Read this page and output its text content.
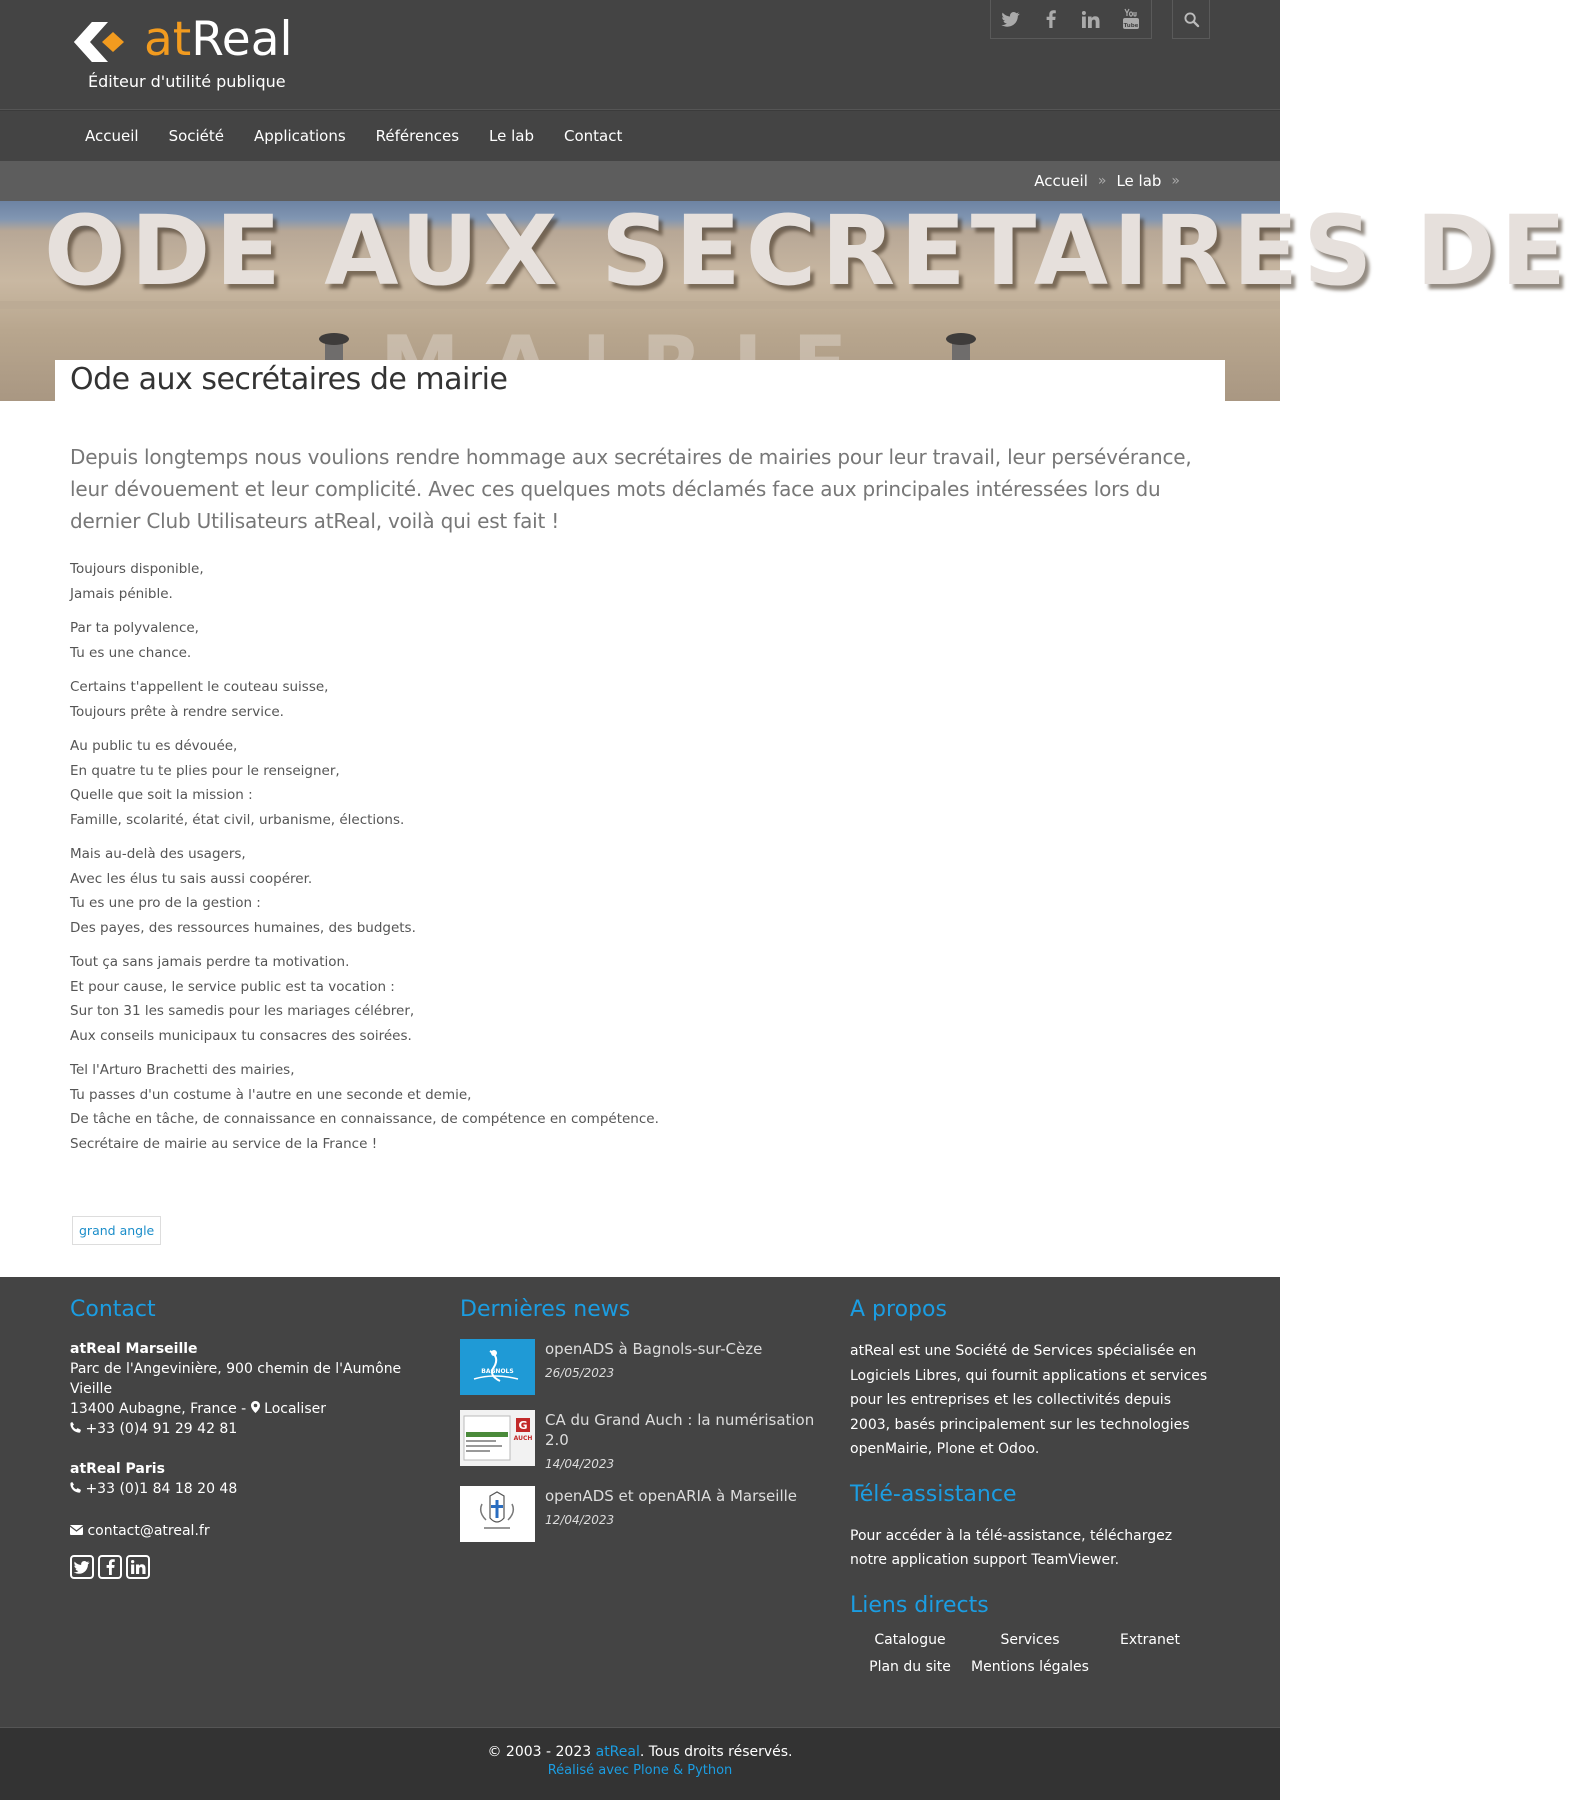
atReal
Éditeur d'utilité publique
Tube
Accueil	Société	Applications	Références	Le lab	Contact
Accueil » Le lab »
ODE AUX SECRETAIRES DE
Ode aux secrétaires de mairie

Depuis longtemps nous voulions rendre hommage aux secrétaires de mairies pour leur travail, leur persévérance, leur dévouement et leur complicité. Avec ces quelques mots déclamés face aux principales intéressées lors du dernier Club Utilisateurs atReal, voilà qui est fait !

Toujours disponible,

Jamais pénible.

Par ta polyvalence,

Tu es une chance.

Certains t'appellent le couteau suisse,

Toujours prête à rendre service.

Au public tu es dévouée,

En quatre tu te plies pour le renseigner,

Quelle que soit la mission :

Famille, scolarité, état civil, urbanisme, élections.

Mais au-delà des usagers,

Avec les élus tu sais aussi coopérer.

Tu es une pro de la gestion :

Des payes, des ressources humaines, des budgets.

Tout ça sans jamais perdre ta motivation.

Et pour cause, le service public est ta vocation :

Sur ton 31 les samedis pour les mariages célébrer,

Aux conseils municipaux tu consacres des soirées.

Tel l'Arturo Brachetti des mairies,

Tu passes d'un costume à l'autre en une seconde et demie,

De tâche en tâche, de connaissance en connaissance, de compétence en compétence.

Secrétaire de mairie au service de la France !

grand angle
Contact
atReal Marseille
Parc de l'Angevinière, 900 chemin de l'Aumône Vieille
13400 Aubagne, France -  Localiser
+33 (0)4 91 29 42 81
atReal Paris
+33 (0)1 84 18 20 48
contact@atreal.fr
Dernières news
BAGNOLS
openADS à Bagnols-sur-Cèze
26/05/2023
G
AUCH
CA du Grand Auch : la numérisation 2.0
14/04/2023
openADS et openARIA à Marseille
12/04/2023
A propos

atReal est une Société de Services spécialisée en Logiciels Libres, qui fournit applications et services pour les entreprises et les collectivités depuis 2003, basés principalement sur les technologies openMairie, Plone et Odoo.

Télé-assistance

Pour accéder à la télé-assistance, téléchargez notre application support TeamViewer.

Liens directs
Catalogue	Services	Extranet
Plan du site	Mentions légales
© 2003 - 2023 atReal. Tous droits réservés.
Réalisé avec Plone & Python
